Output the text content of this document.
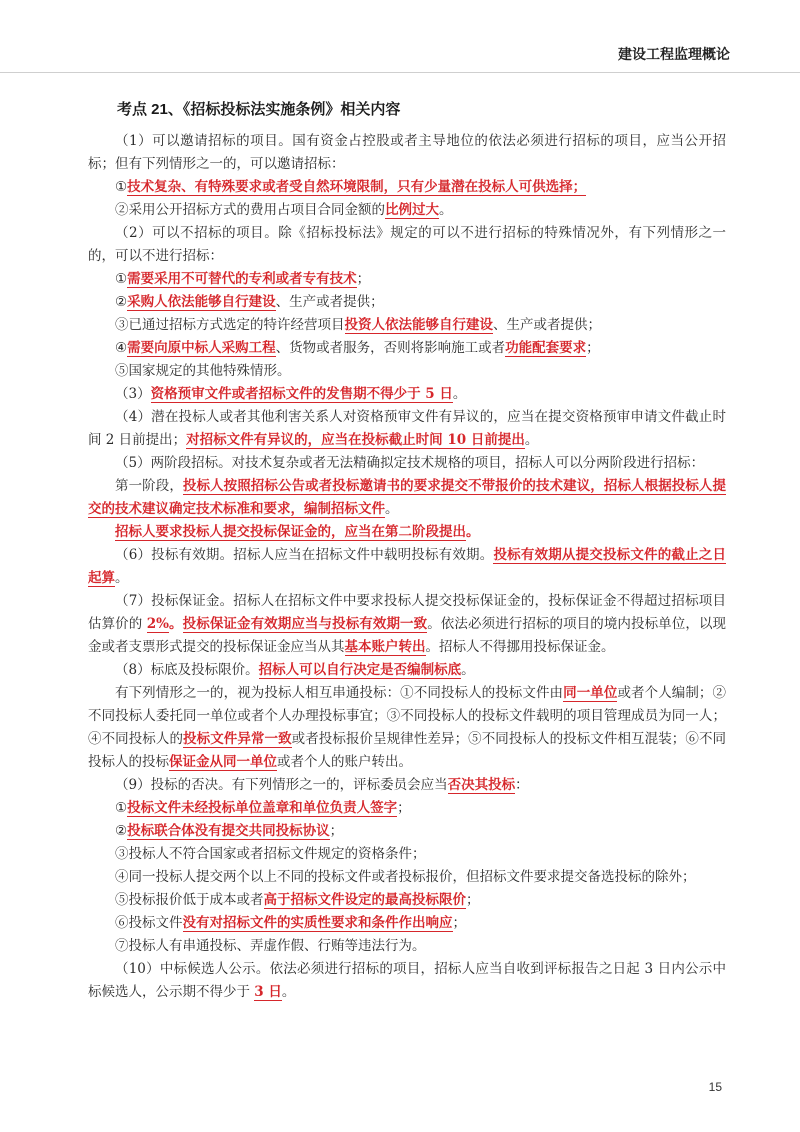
建设工程监理概论
考点 21、《招标投标法实施条例》相关内容

（1）可以邀请招标的项目。国有资金占控股或者主导地位的依法必须进行招标的项目，应当公开招标；但有下列情形之一的，可以邀请招标：

①技术复杂、有特殊要求或者受自然环境限制，只有少量潜在投标人可供选择；

②采用公开招标方式的费用占项目合同金额的比例过大。

（2）可以不招标的项目。除《招标投标法》规定的可以不进行招标的特殊情况外，有下列情形之一的，可以不进行招标：

①需要采用不可替代的专利或者专有技术；

②采购人依法能够自行建设、生产或者提供；

③已通过招标方式选定的特许经营项目投资人依法能够自行建设、生产或者提供；

④需要向原中标人采购工程、货物或者服务，否则将影响施工或者功能配套要求；

⑤国家规定的其他特殊情形。

（3）资格预审文件或者招标文件的发售期不得少于 5 日。

（4）潜在投标人或者其他利害关系人对资格预审文件有异议的，应当在提交资格预审申请文件截止时间 2 日前提出；对招标文件有异议的，应当在投标截止时间 10 日前提出。

（5）两阶段招标。对技术复杂或者无法精确拟定技术规格的项目，招标人可以分两阶段进行招标：

第一阶段，投标人按照招标公告或者投标邀请书的要求提交不带报价的技术建议，招标人根据投标人提交的技术建议确定技术标准和要求，编制招标文件。

招标人要求投标人提交投标保证金的，应当在第二阶段提出。

（6）投标有效期。招标人应当在招标文件中载明投标有效期。投标有效期从提交投标文件的截止之日起算。

（7）投标保证金。招标人在招标文件中要求投标人提交投标保证金的，投标保证金不得超过招标项目估算价的 2%。投标保证金有效期应当与投标有效期一致。依法必须进行招标的项目的境内投标单位，以现金或者支票形式提交的投标保证金应当从其基本账户转出。招标人不得挪用投标保证金。

（8）标底及投标限价。招标人可以自行决定是否编制标底。

有下列情形之一的，视为投标人相互串通投标：①不同投标人的投标文件由同一单位或者个人编制；②不同投标人委托同一单位或者个人办理投标事宜；③不同投标人的投标文件载明的项目管理成员为同一人；④不同投标人的投标文件异常一致或者投标报价呈规律性差异；⑤不同投标人的投标文件相互混装；⑥不同投标人的投标保证金从同一单位或者个人的账户转出。

（9）投标的否决。有下列情形之一的，评标委员会应当否决其投标：

①投标文件未经投标单位盖章和单位负责人签字；

②投标联合体没有提交共同投标协议；

③投标人不符合国家或者招标文件规定的资格条件；

④同一投标人提交两个以上不同的投标文件或者投标报价，但招标文件要求提交备选投标的除外；

⑤投标报价低于成本或者高于招标文件设定的最高投标限价；

⑥投标文件没有对招标文件的实质性要求和条件作出响应；

⑦投标人有串通投标、弄虚作假、行贿等违法行为。

（10）中标候选人公示。依法必须进行招标的项目，招标人应当自收到评标报告之日起 3 日内公示中标候选人，公示期不得少于 3 日。

15
